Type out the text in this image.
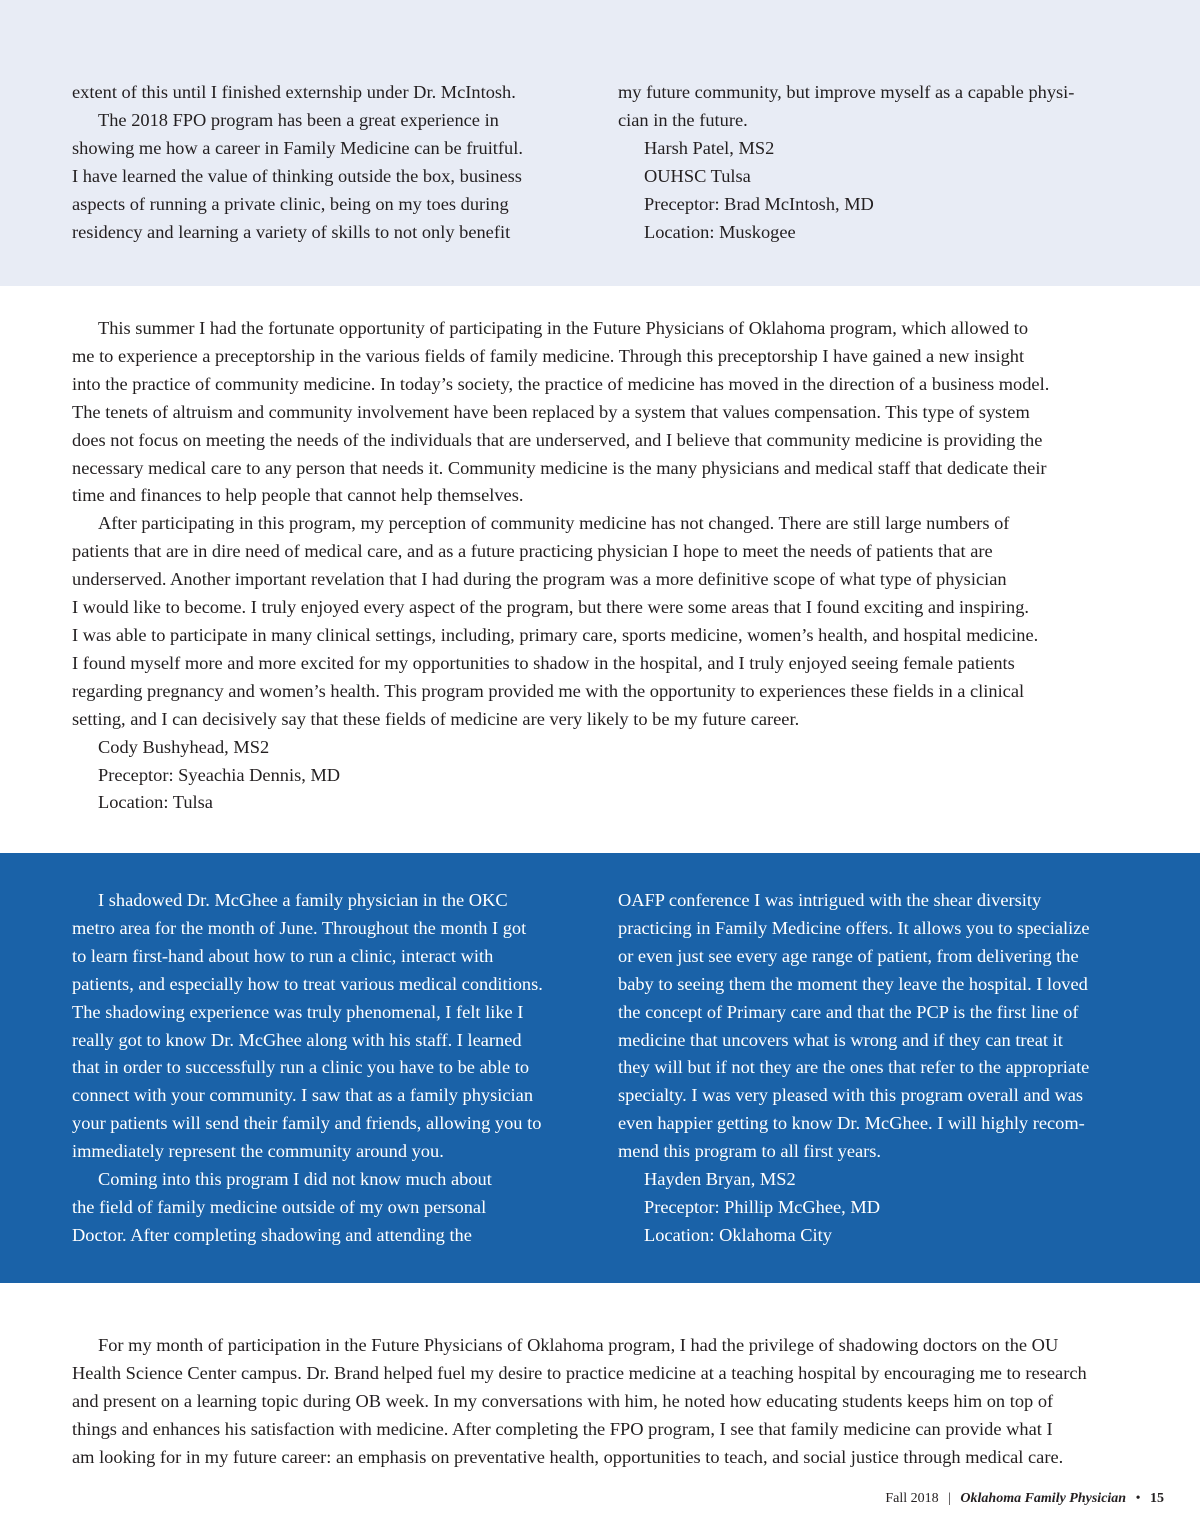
extent of this until I finished externship under Dr. McIntosh.
The 2018 FPO program has been a great experience in
showing me how a career in Family Medicine can be fruitful.
I have learned the value of thinking outside the box, business
aspects of running a private clinic, being on my toes during
residency and learning a variety of skills to not only benefit
my future community, but improve myself as a capable physi-
cian in the future.
Harsh Patel, MS2
OUHSC Tulsa
Preceptor: Brad McIntosh, MD
Location: Muskogee
This summer I had the fortunate opportunity of participating in the Future Physicians of Oklahoma program, which allowed to
me to experience a preceptorship in the various fields of family medicine. Through this preceptorship I have gained a new insight
into the practice of community medicine. In today’s society, the practice of medicine has moved in the direction of a business model.
The tenets of altruism and community involvement have been replaced by a system that values compensation. This type of system
does not focus on meeting the needs of the individuals that are underserved, and I believe that community medicine is providing the
necessary medical care to any person that needs it. Community medicine is the many physicians and medical staff that dedicate their
time and finances to help people that cannot help themselves.
After participating in this program, my perception of community medicine has not changed. There are still large numbers of
patients that are in dire need of medical care, and as a future practicing physician I hope to meet the needs of patients that are
underserved. Another important revelation that I had during the program was a more definitive scope of what type of physician
I would like to become. I truly enjoyed every aspect of the program, but there were some areas that I found exciting and inspiring.
I was able to participate in many clinical settings, including, primary care, sports medicine, women’s health, and hospital medicine.
I found myself more and more excited for my opportunities to shadow in the hospital, and I truly enjoyed seeing female patients
regarding pregnancy and women’s health. This program provided me with the opportunity to experiences these fields in a clinical
setting, and I can decisively say that these fields of medicine are very likely to be my future career.
Cody Bushyhead, MS2
Preceptor: Syeachia Dennis, MD
Location: Tulsa
I shadowed Dr. McGhee a family physician in the OKC
metro area for the month of June. Throughout the month I got
to learn first-hand about how to run a clinic, interact with
patients, and especially how to treat various medical conditions.
The shadowing experience was truly phenomenal, I felt like I
really got to know Dr. McGhee along with his staff. I learned
that in order to successfully run a clinic you have to be able to
connect with your community. I saw that as a family physician
your patients will send their family and friends, allowing you to
immediately represent the community around you.
Coming into this program I did not know much about
the field of family medicine outside of my own personal
Doctor. After completing shadowing and attending the
OAFP conference I was intrigued with the shear diversity
practicing in Family Medicine offers. It allows you to specialize
or even just see every age range of patient, from delivering the
baby to seeing them the moment they leave the hospital. I loved
the concept of Primary care and that the PCP is the first line of
medicine that uncovers what is wrong and if they can treat it
they will but if not they are the ones that refer to the appropriate
specialty. I was very pleased with this program overall and was
even happier getting to know Dr. McGhee. I will highly recom-
mend this program to all first years.
Hayden Bryan, MS2
Preceptor: Phillip McGhee, MD
Location: Oklahoma City
For my month of participation in the Future Physicians of Oklahoma program, I had the privilege of shadowing doctors on the OU
Health Science Center campus. Dr. Brand helped fuel my desire to practice medicine at a teaching hospital by encouraging me to research
and present on a learning topic during OB week. In my conversations with him, he noted how educating students keeps him on top of
things and enhances his satisfaction with medicine. After completing the FPO program, I see that family medicine can provide what I
am looking for in my future career: an emphasis on preventative health, opportunities to teach, and social justice through medical care.
Fall 2018 | Oklahoma Family Physician • 15
